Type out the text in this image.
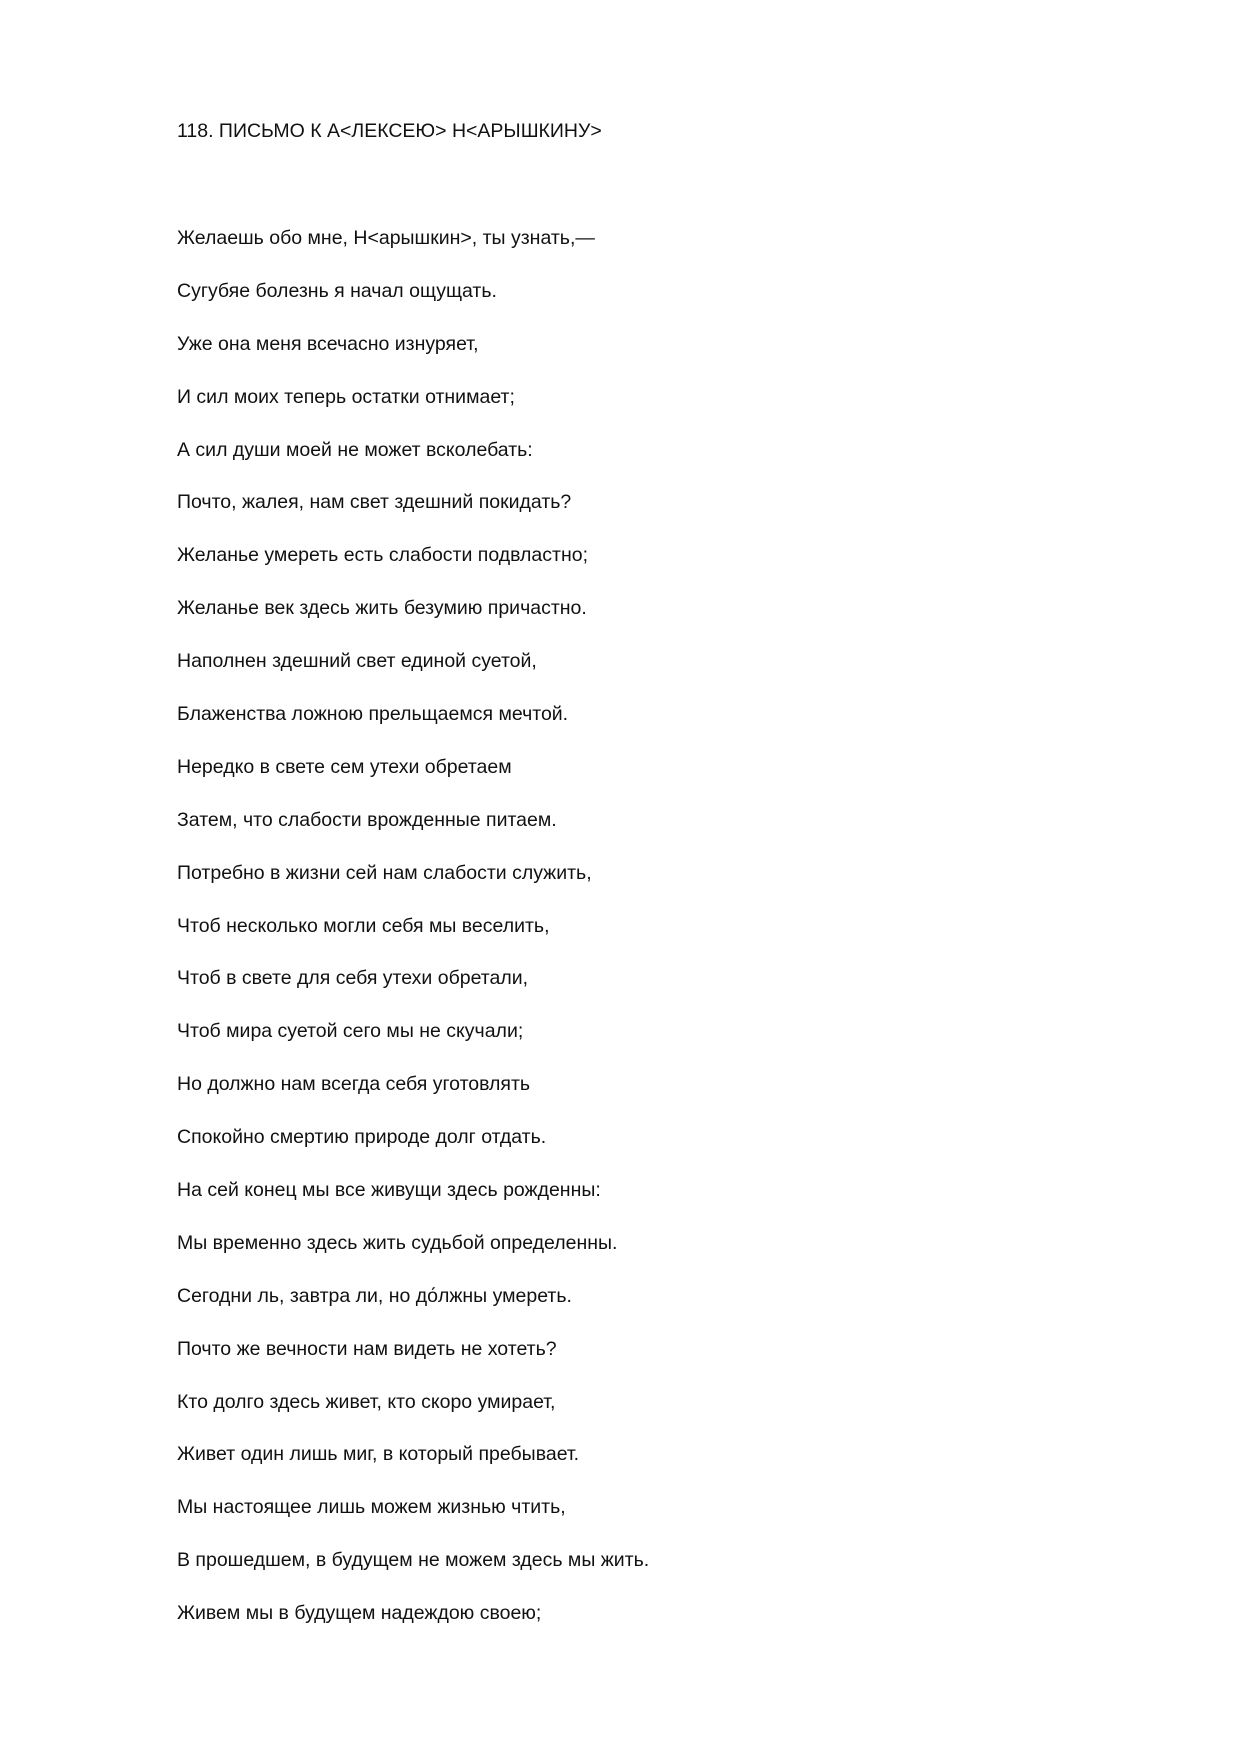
118. ПИСЬМО К А<ЛЕКСЕЮ> Н<АРЫШКИНУ>
Желаешь обо мне, Н<арышкин>, ты узнать,—
Сугубяе болезнь я начал ощущать.
Уже она меня всечасно изнуряет,
И сил моих теперь остатки отнимает;
А сил души моей не может всколебать:
Почто, жалея, нам свет здешний покидать?
Желанье умереть есть слабости подвластно;
Желанье век здесь жить безумию причастно.
Наполнен здешний свет единой суетой,
Блаженства ложною прельщаемся мечтой.
Нередко в свете сем утехи обретаем
Затем, что слабости врожденные питаем.
Потребно в жизни сей нам слабости служить,
Чтоб несколько могли себя мы веселить,
Чтоб в свете для себя утехи обретали,
Чтоб мира суетой сего мы не скучали;
Но должно нам всегда себя уготовлять
Спокойно смертию природе долг отдать.
На сей конец мы все живущи здесь рожденны:
Мы временно здесь жить судьбой определенны.
Сегодни ль, завтра ли, но до́лжны умереть.
Почто же вечности нам видеть не хотеть?
Кто долго здесь живет, кто скоро умирает,
Живет один лишь миг, в который пребывает.
Мы настоящее лишь можем жизнью чтить,
В прошедшем, в будущем не можем здесь мы жить.
Живем мы в будущем надеждою своею;
